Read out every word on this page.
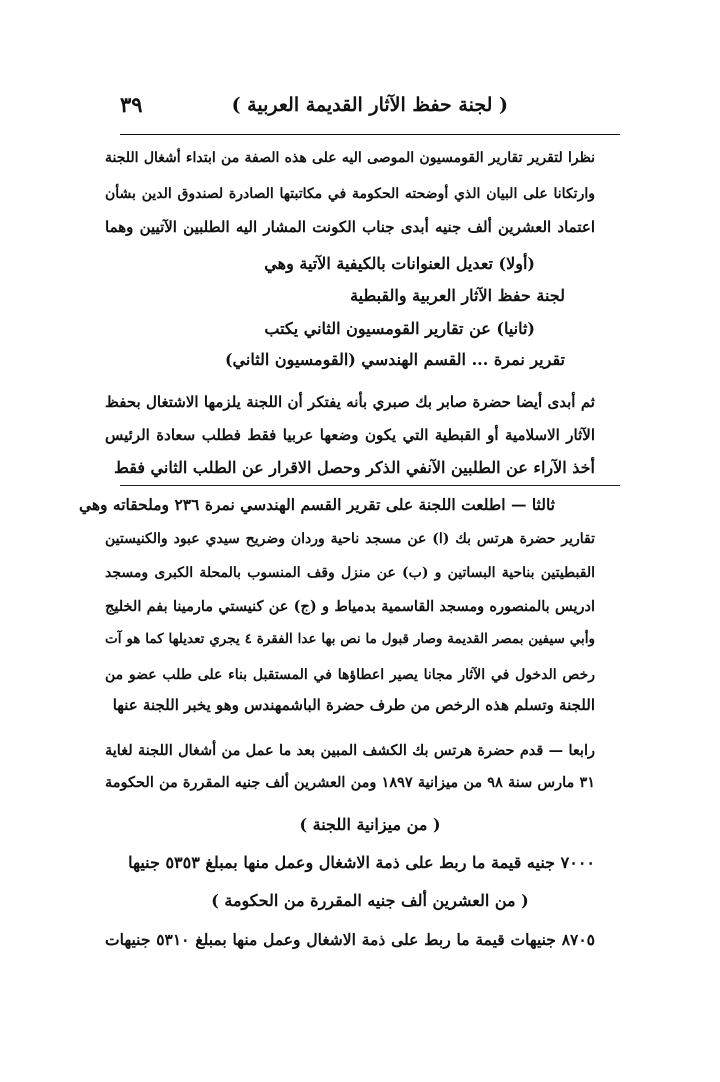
( لجنة حفظ الآثار القديمة العربية )
٣٩
نظرا لتقرير تقارير القومسيون الموصى اليه على هذه الصفة من ابتداء أشغال اللجنة
وارتكانا على البيان الذي أوضحته الحكومة في مكاتبتها الصادرة لصندوق الدين بشأن
اعتماد العشرين ألف جنيه أبدى جناب الكونت المشار اليه الطلبين الآتيين وهما
(أولا) تعديل العنوانات بالكيفية الآتية وهي
لجنة حفظ الآثار العربية والقبطية
(ثانيا) عن تقارير القومسيون الثاني يكتب
تقرير نمرة ... القسم الهندسي (القومسيون الثاني)
ثم أبدى أيضا حضرة صابر بك صبري بأنه يفتكر أن اللجنة يلزمها الاشتغال بحفظ
الآثار الاسلامية أو القبطية التي يكون وضعها عربيا فقط فطلب سعادة الرئيس
أخذ الآراء عن الطلبين الآنفي الذكر وحصل الاقرار عن الطلب الثاني فقط
ثالثا — اطلعت اللجنة على تقرير القسم الهندسي نمرة ٢٣٦ وملحقاته وهي
تقارير حضرة هرتس بك (ا) عن مسجد ناحية وردان وضريح سيدي عبود والكنيستين
القبطيتين بناحية البساتين و (ب) عن منزل وقف المنسوب بالمحلة الكبرى ومسجد
ادريس بالمنصوره ومسجد القاسمية بدمياط و (ج) عن كنيستي مارمينا بفم الخليج
وأبي سيفين بمصر القديمة وصار قبول ما نص بها عدا الفقرة ٤ يجري تعديلها كما هو آت
رخص الدخول في الآثار مجانا يصير اعطاؤها في المستقبل بناء على طلب عضو من
اللجنة وتسلم هذه الرخص من طرف حضرة الباشمهندس وهو يخبر اللجنة عنها
رابعا — قدم حضرة هرتس بك الكشف المبين بعد ما عمل من أشغال اللجنة لغاية
٣١ مارس سنة ٩٨ من ميزانية ١٨٩٧ ومن العشرين ألف جنيه المقررة من الحكومة
( من ميزانية اللجنة )
٧٠٠٠ جنيه قيمة ما ربط على ذمة الاشغال وعمل منها بمبلغ ٥٣٥٣ جنيها
( من العشرين ألف جنيه المقررة من الحكومة )
٨٧٠٥ جنيهات قيمة ما ربط على ذمة الاشغال وعمل منها بمبلغ ٥٣١٠ جنيهات
